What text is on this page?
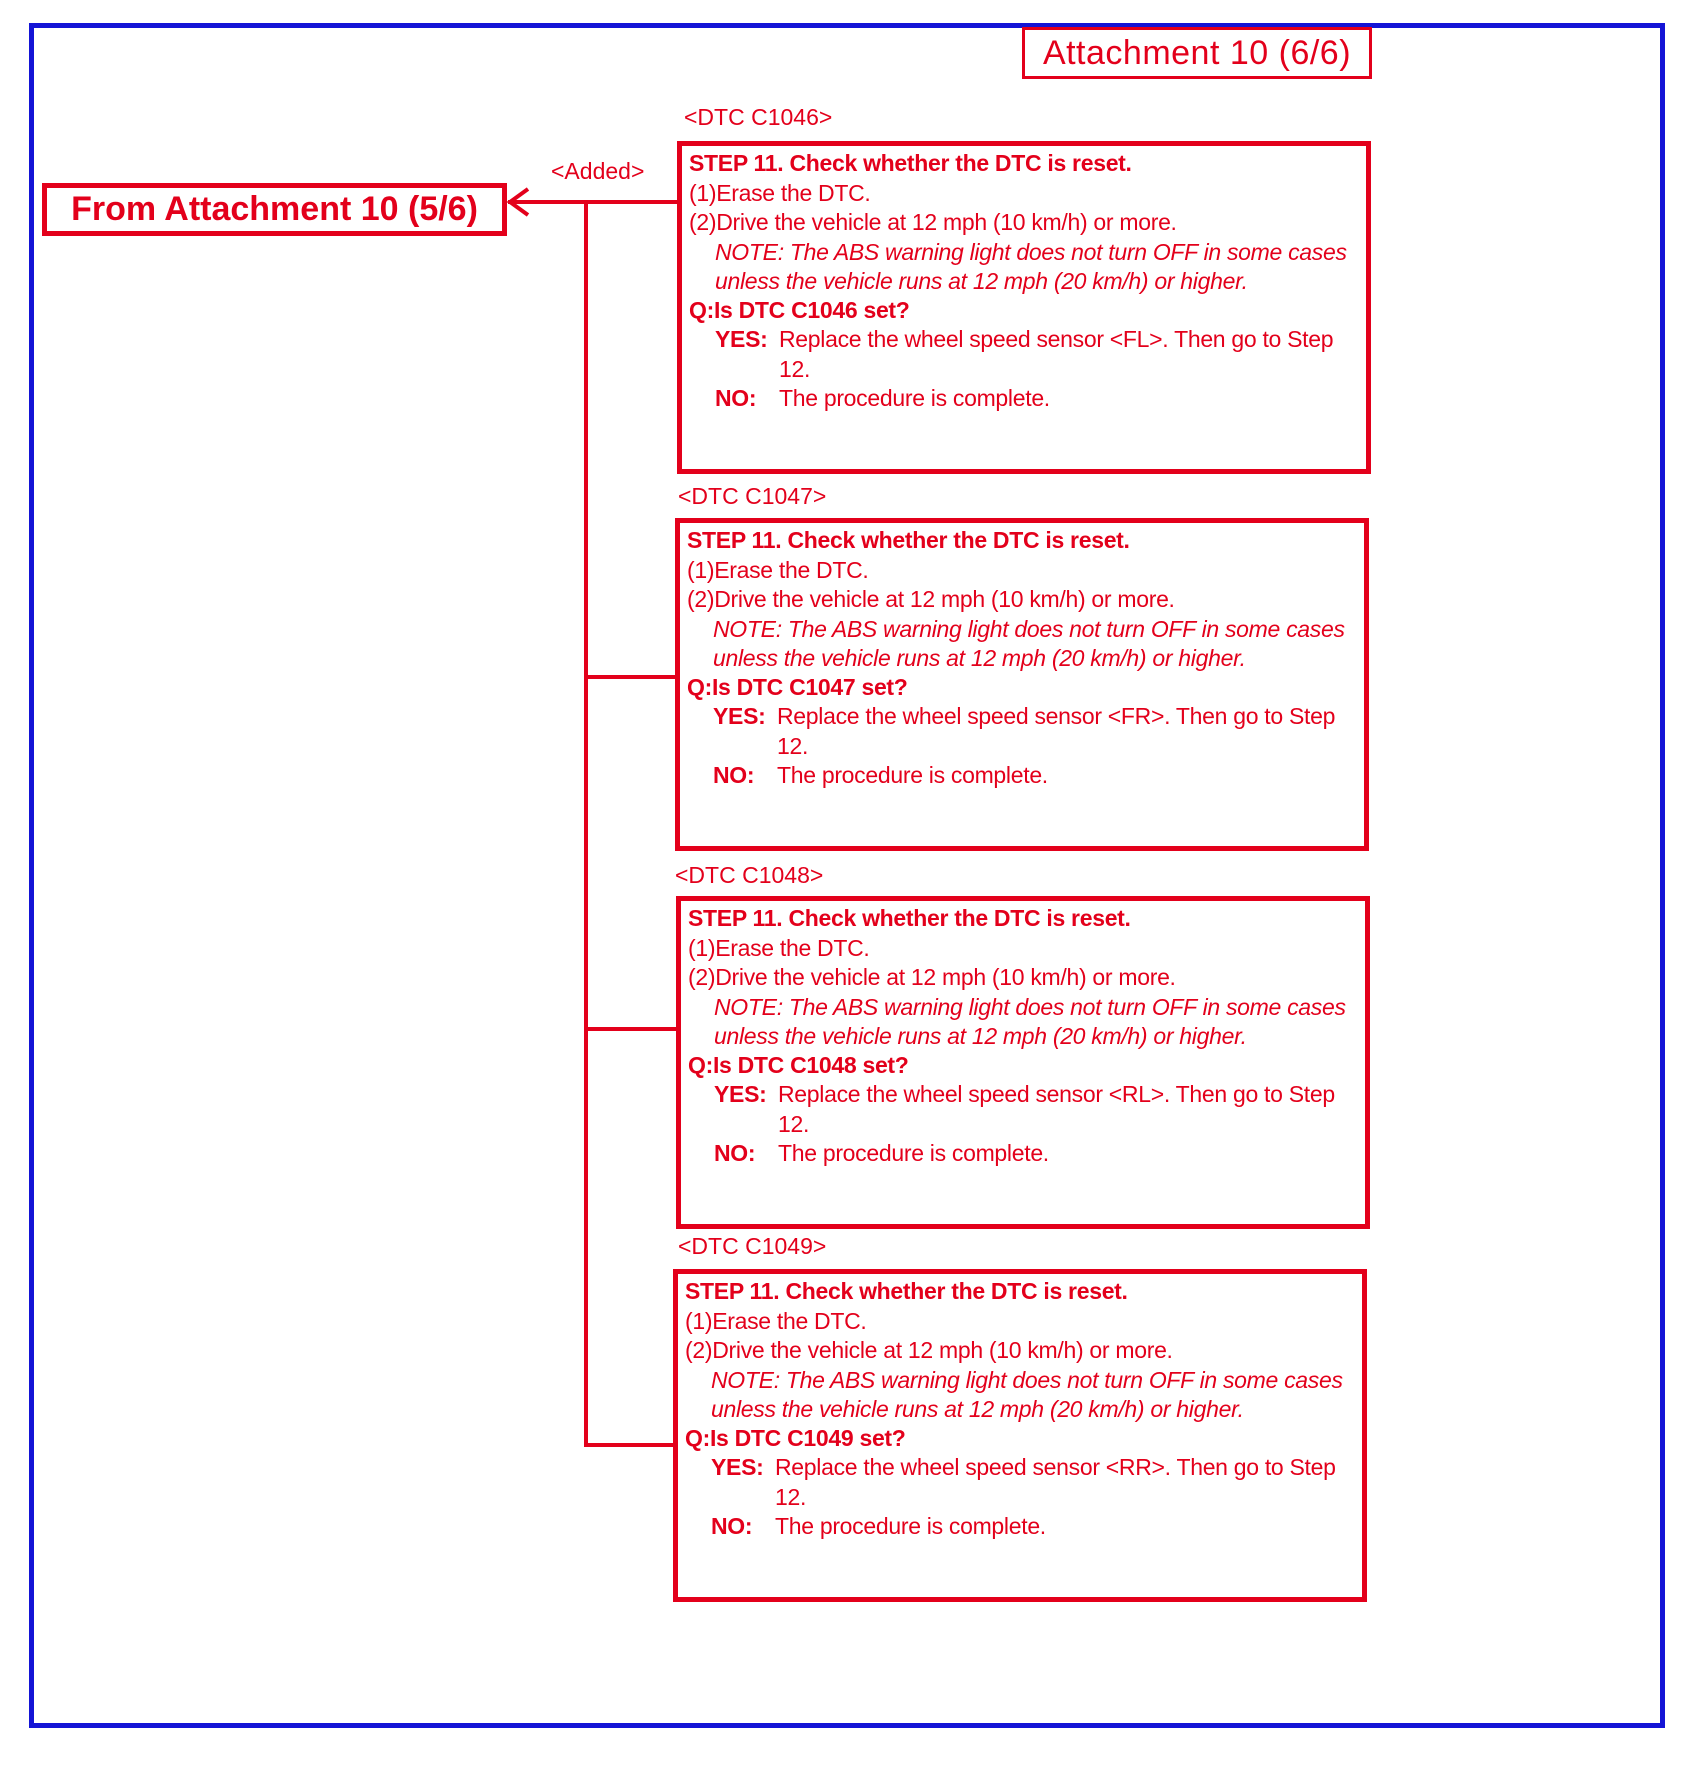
Attachment 10 (6/6)
From Attachment 10 (5/6)
<Added>
<DTC C1046>
STEP 11. Check whether the DTC is reset.
(1)Erase the DTC.
(2)Drive the vehicle at 12 mph (10 km/h) or more.
NOTE: The ABS warning light does not turn OFF in some cases unless the vehicle runs at 12 mph (20 km/h) or higher.
Q:Is DTC C1046 set?
YES: Replace the wheel speed sensor <FL>. Then go to Step 12.
NO: The procedure is complete.
<DTC C1047>
STEP 11. Check whether the DTC is reset.
(1)Erase the DTC.
(2)Drive the vehicle at 12 mph (10 km/h) or more.
NOTE: The ABS warning light does not turn OFF in some cases unless the vehicle runs at 12 mph (20 km/h) or higher.
Q:Is DTC C1047 set?
YES: Replace the wheel speed sensor <FR>. Then go to Step 12.
NO: The procedure is complete.
<DTC C1048>
STEP 11. Check whether the DTC is reset.
(1)Erase the DTC.
(2)Drive the vehicle at 12 mph (10 km/h) or more.
NOTE: The ABS warning light does not turn OFF in some cases unless the vehicle runs at 12 mph (20 km/h) or higher.
Q:Is DTC C1048 set?
YES: Replace the wheel speed sensor <RL>. Then go to Step 12.
NO: The procedure is complete.
<DTC C1049>
STEP 11. Check whether the DTC is reset.
(1)Erase the DTC.
(2)Drive the vehicle at 12 mph (10 km/h) or more.
NOTE: The ABS warning light does not turn OFF in some cases unless the vehicle runs at 12 mph (20 km/h) or higher.
Q:Is DTC C1049 set?
YES: Replace the wheel speed sensor <RR>. Then go to Step 12.
NO: The procedure is complete.
